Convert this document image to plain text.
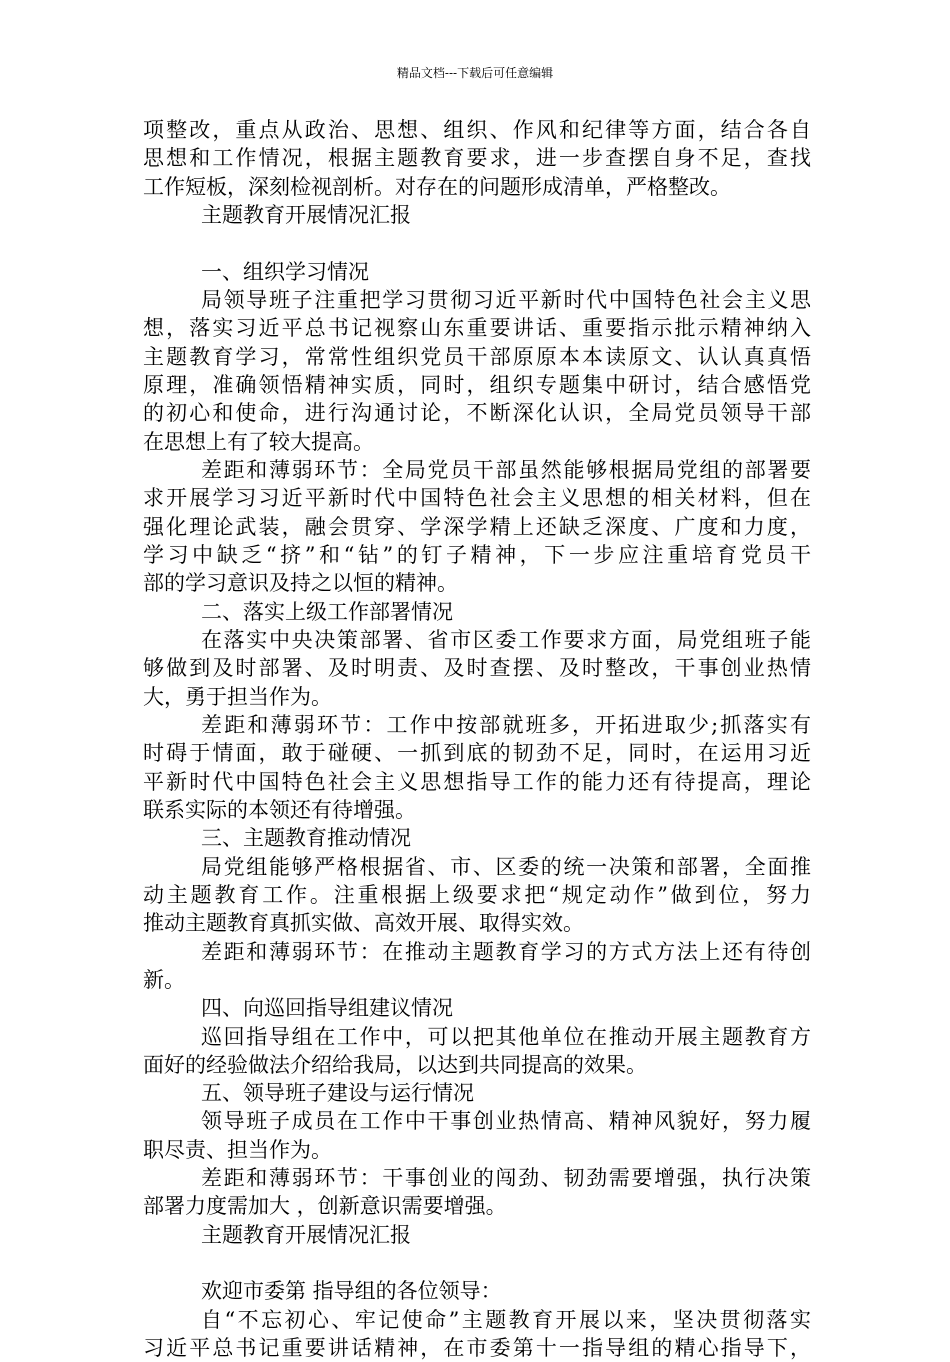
精品文档---下载后可任意编辑
项整改，重点从政治、思想、组织、作风和纪律等方面，结合各自
思想和工作情况，根据主题教育要求，进一步查摆自身不足，查找
工作短板，深刻检视剖析。对存在的问题形成清单，严格整改。
主题教育开展情况汇报
一、组织学习情况
局领导班子注重把学习贯彻习近平新时代中国特色社会主义思
想，落实习近平总书记视察山东重要讲话、重要指示批示精神纳入
主题教育学习，常常性组织党员干部原原本本读原文、认认真真悟
原理，准确领悟精神实质，同时，组织专题集中研讨，结合感悟党
的初心和使命，进行沟通讨论，不断深化认识，全局党员领导干部
在思想上有了较大提高。
差距和薄弱环节：全局党员干部虽然能够根据局党组的部署要
求开展学习习近平新时代中国特色社会主义思想的相关材料，但在
强化理论武装，融会贯穿、学深学精上还缺乏深度、广度和力度，
学习中缺乏“挤”和“钻”的钉子精神，下一步应注重培育党员干
部的学习意识及持之以恒的精神。
二、落实上级工作部署情况
在落实中央决策部署、省市区委工作要求方面，局党组班子能
够做到及时部署、及时明责、及时查摆、及时整改，干事创业热情
大，勇于担当作为。
差距和薄弱环节：工作中按部就班多，开拓进取少;抓落实有
时碍于情面，敢于碰硬、一抓到底的韧劲不足，同时，在运用习近
平新时代中国特色社会主义思想指导工作的能力还有待提高，理论
联系实际的本领还有待增强。
三、主题教育推动情况
局党组能够严格根据省、市、区委的统一决策和部署，全面推
动主题教育工作。注重根据上级要求把“规定动作”做到位，努力
推动主题教育真抓实做、高效开展、取得实效。
差距和薄弱环节：在推动主题教育学习的方式方法上还有待创
新。
四、向巡回指导组建议情况
巡回指导组在工作中，可以把其他单位在推动开展主题教育方
面好的经验做法介绍给我局，以达到共同提高的效果。
五、领导班子建设与运行情况
领导班子成员在工作中干事创业热情高、精神风貌好，努力履
职尽责、担当作为。
差距和薄弱环节：干事创业的闯劲、韧劲需要增强，执行决策
部署力度需加大 ，创新意识需要增强。
主题教育开展情况汇报
欢迎市委第 指导组的各位领导：
自“不忘初心、牢记使命”主题教育开展以来，坚决贯彻落实
习近平总书记重要讲话精神，在市委第十一指导组的精心指导下，
